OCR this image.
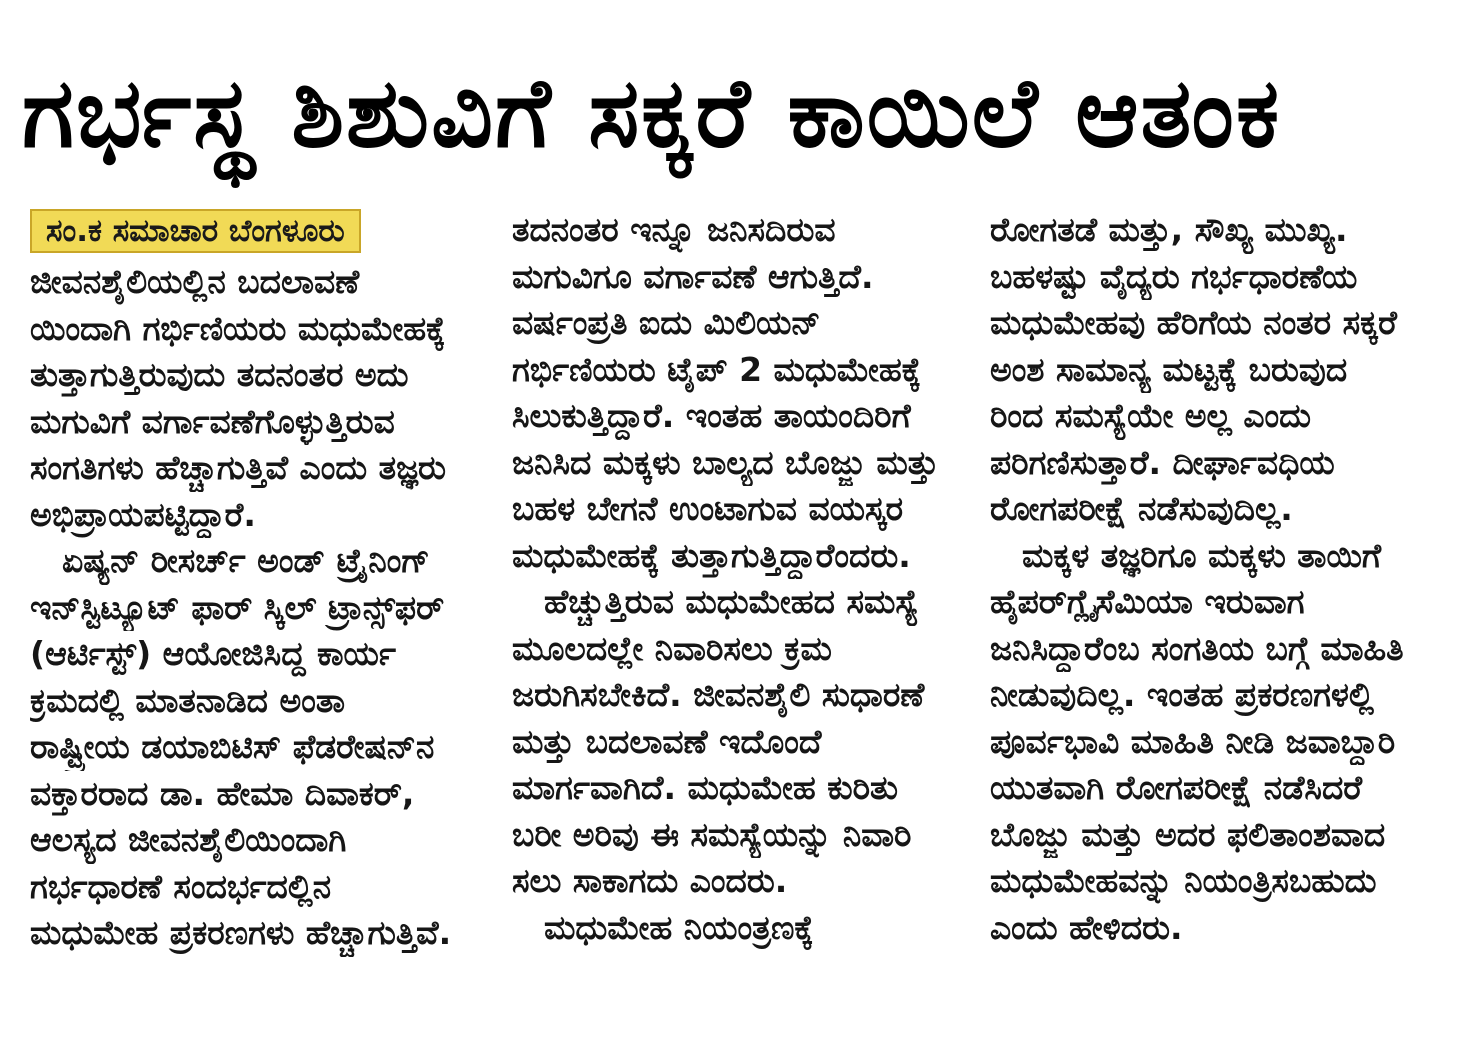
ಗರ್ಭಸ್ಥ ಶಿಶುವಿಗೆ ಸಕ್ಕರೆ ಕಾಯಿಲೆ ಆತಂಕ
ಸಂ.ಕ ಸಮಾಚಾರ ಬೆಂಗಳೂರು
ಜೀವನಶೈಲಿಯಲ್ಲಿನ ಬದಲಾವಣೆ
ಯಿಂದಾಗಿ ಗರ್ಭಿಣಿಯರು ಮಧುಮೇಹಕ್ಕೆ
ತುತ್ತಾಗುತ್ತಿರುವುದು ತದನಂತರ ಅದು
ಮಗುವಿಗೆ ವರ್ಗಾವಣೆಗೊಳ್ಳುತ್ತಿರುವ
ಸಂಗತಿಗಳು ಹೆಚ್ಚಾಗುತ್ತಿವೆ ಎಂದು ತಜ್ಞರು
ಅಭಿಪ್ರಾಯಪಟ್ಟಿದ್ದಾರೆ.
ಏಷ್ಯನ್ ರೀಸರ್ಚ್ ಅಂಡ್ ಟ್ರೈನಿಂಗ್
ಇನ್‌ಸ್ಟಿಟ್ಯೂಟ್ ಫಾರ್ ಸ್ಕಿಲ್ ಟ್ರಾನ್ಸ್‌ಫರ್
(ಆರ್ಟಿಸ್ಟ್) ಆಯೋಜಿಸಿದ್ದ ಕಾರ್ಯ
ಕ್ರಮದಲ್ಲಿ ಮಾತನಾಡಿದ ಅಂತಾ
ರಾಷ್ಟ್ರೀಯ ಡಯಾಬಿಟಿಸ್ ಫೆಡರೇಷನ್‌ನ
ವಕ್ತಾರರಾದ ಡಾ. ಹೇಮಾ ದಿವಾಕರ್,
ಆಲಸ್ಯದ ಜೀವನಶೈಲಿಯಿಂದಾಗಿ
ಗರ್ಭಧಾರಣೆ ಸಂದರ್ಭದಲ್ಲಿನ
ಮಧುಮೇಹ ಪ್ರಕರಣಗಳು ಹೆಚ್ಚಾಗುತ್ತಿವೆ.
ತದನಂತರ ಇನ್ನೂ ಜನಿಸದಿರುವ
ಮಗುವಿಗೂ ವರ್ಗಾವಣೆ ಆಗುತ್ತಿದೆ.
ವರ್ಷಂಪ್ರತಿ ಐದು ಮಿಲಿಯನ್
ಗರ್ಭಿಣಿಯರು ಟೈಪ್ 2 ಮಧುಮೇಹಕ್ಕೆ
ಸಿಲುಕುತ್ತಿದ್ದಾರೆ. ಇಂತಹ ತಾಯಂದಿರಿಗೆ
ಜನಿಸಿದ ಮಕ್ಕಳು ಬಾಲ್ಯದ ಬೊಜ್ಜು ಮತ್ತು
ಬಹಳ ಬೇಗನೆ ಉಂಟಾಗುವ ವಯಸ್ಕರ
ಮಧುಮೇಹಕ್ಕೆ ತುತ್ತಾಗುತ್ತಿದ್ದಾರೆಂದರು.
ಹೆಚ್ಚುತ್ತಿರುವ ಮಧುಮೇಹದ ಸಮಸ್ಯೆ
ಮೂಲದಲ್ಲೇ ನಿವಾರಿಸಲು ಕ್ರಮ
ಜರುಗಿಸಬೇಕಿದೆ. ಜೀವನಶೈಲಿ ಸುಧಾರಣೆ
ಮತ್ತು ಬದಲಾವಣೆ ಇದೊಂದೆ
ಮಾರ್ಗವಾಗಿದೆ. ಮಧುಮೇಹ ಕುರಿತು
ಬರೀ ಅರಿವು ಈ ಸಮಸ್ಯೆಯನ್ನು ನಿವಾರಿ
ಸಲು ಸಾಕಾಗದು ಎಂದರು.
ಮಧುಮೇಹ ನಿಯಂತ್ರಣಕ್ಕೆ
ರೋಗತಡೆ ಮತ್ತು, ಸೌಖ್ಯ ಮುಖ್ಯ.
ಬಹಳಷ್ಟು ವೈದ್ಯರು ಗರ್ಭಧಾರಣೆಯ
ಮಧುಮೇಹವು ಹೆರಿಗೆಯ ನಂತರ ಸಕ್ಕರೆ
ಅಂಶ ಸಾಮಾನ್ಯ ಮಟ್ಟಕ್ಕೆ ಬರುವುದ
ರಿಂದ ಸಮಸ್ಯೆಯೇ ಅಲ್ಲ ಎಂದು
ಪರಿಗಣಿಸುತ್ತಾರೆ. ದೀರ್ಘಾವಧಿಯ
ರೋಗಪರೀಕ್ಷೆ ನಡೆಸುವುದಿಲ್ಲ.
ಮಕ್ಕಳ ತಜ್ಞರಿಗೂ ಮಕ್ಕಳು ತಾಯಿಗೆ
ಹೈಪರ್‌ಗ್ಲೈಸೆಮಿಯಾ ಇರುವಾಗ
ಜನಿಸಿದ್ದಾರೆಂಬ ಸಂಗತಿಯ ಬಗ್ಗೆ ಮಾಹಿತಿ
ನೀಡುವುದಿಲ್ಲ. ಇಂತಹ ಪ್ರಕರಣಗಳಲ್ಲಿ
ಪೂರ್ವಭಾವಿ ಮಾಹಿತಿ ನೀಡಿ ಜವಾಬ್ದಾರಿ
ಯುತವಾಗಿ ರೋಗಪರೀಕ್ಷೆ ನಡೆಸಿದರೆ
ಬೊಜ್ಜು ಮತ್ತು ಅದರ ಫಲಿತಾಂಶವಾದ
ಮಧುಮೇಹವನ್ನು ನಿಯಂತ್ರಿಸಬಹುದು
ಎಂದು ಹೇಳಿದರು.
